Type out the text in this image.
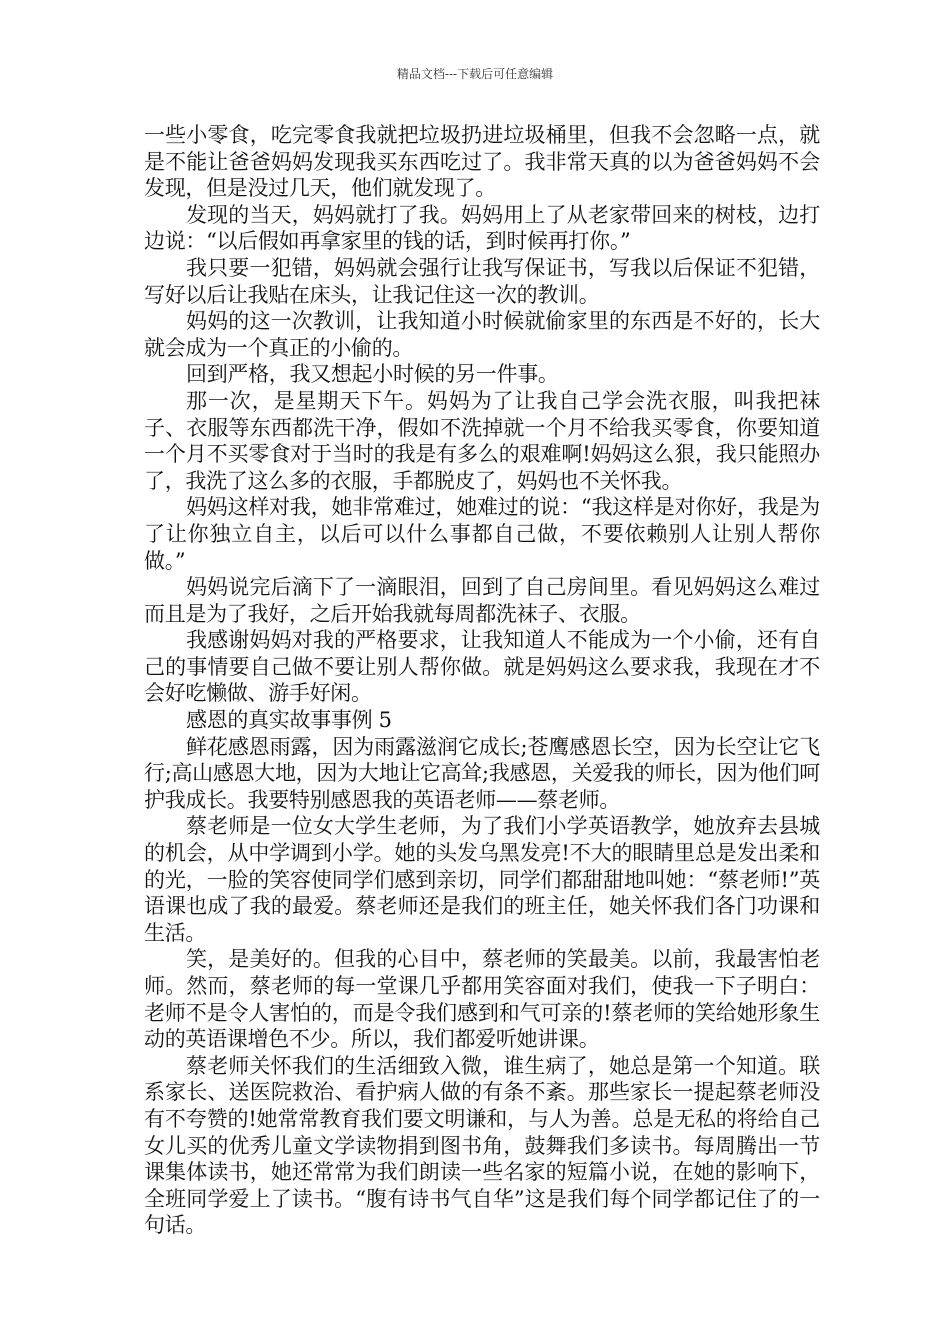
精品文档---下载后可任意编辑

一些小零食，吃完零食我就把垃圾扔进垃圾桶里，但我不会忽略一点，就是不能让爸爸妈妈发现我买东西吃过了。我非常天真的以为爸爸妈妈不会发现，但是没过几天，他们就发现了。

发现的当天，妈妈就打了我。妈妈用上了从老家带回来的树枝，边打边说：“以后假如再拿家里的钱的话，到时候再打你。”

我只要一犯错，妈妈就会强行让我写保证书，写我以后保证不犯错，写好以后让我贴在床头，让我记住这一次的教训。

妈妈的这一次教训，让我知道小时候就偷家里的东西是不好的，长大就会成为一个真正的小偷的。

回到严格，我又想起小时候的另一件事。

那一次，是星期天下午。妈妈为了让我自己学会洗衣服，叫我把袜子、衣服等东西都洗干净，假如不洗掉就一个月不给我买零食，你要知道一个月不买零食对于当时的我是有多么的艰难啊!妈妈这么狠，我只能照办了，我洗了这么多的衣服，手都脱皮了，妈妈也不关怀我。

妈妈这样对我，她非常难过，她难过的说：“我这样是对你好，我是为了让你独立自主，以后可以什么事都自己做，不要依赖别人让别人帮你做。”

妈妈说完后滴下了一滴眼泪，回到了自己房间里。看见妈妈这么难过而且是为了我好，之后开始我就每周都洗袜子、衣服。

我感谢妈妈对我的严格要求，让我知道人不能成为一个小偷，还有自己的事情要自己做不要让别人帮你做。就是妈妈这么要求我，我现在才不会好吃懒做、游手好闲。

感恩的真实故事事例 5

鲜花感恩雨露，因为雨露滋润它成长;苍鹰感恩长空，因为长空让它飞行;高山感恩大地，因为大地让它高耸;我感恩，关爱我的师长，因为他们呵护我成长。我要特别感恩我的英语老师——蔡老师。

蔡老师是一位女大学生老师，为了我们小学英语教学，她放弃去县城的机会，从中学调到小学。她的头发乌黑发亮!不大的眼睛里总是发出柔和的光，一脸的笑容使同学们感到亲切，同学们都甜甜地叫她：“蔡老师!”英语课也成了我的最爱。蔡老师还是我们的班主任，她关怀我们各门功课和生活。

笑，是美好的。但我的心目中，蔡老师的笑最美。以前，我最害怕老师。然而，蔡老师的每一堂课几乎都用笑容面对我们，使我一下子明白：老师不是令人害怕的，而是令我们感到和气可亲的!蔡老师的笑给她形象生动的英语课增色不少。所以，我们都爱听她讲课。

蔡老师关怀我们的生活细致入微，谁生病了，她总是第一个知道。联系家长、送医院救治、看护病人做的有条不紊。那些家长一提起蔡老师没有不夸赞的!她常常教育我们要文明谦和，与人为善。总是无私的将给自己女儿买的优秀儿童文学读物捐到图书角，鼓舞我们多读书。每周腾出一节课集体读书，她还常常为我们朗读一些名家的短篇小说，在她的影响下，全班同学爱上了读书。“腹有诗书气自华”这是我们每个同学都记住了的一句话。
